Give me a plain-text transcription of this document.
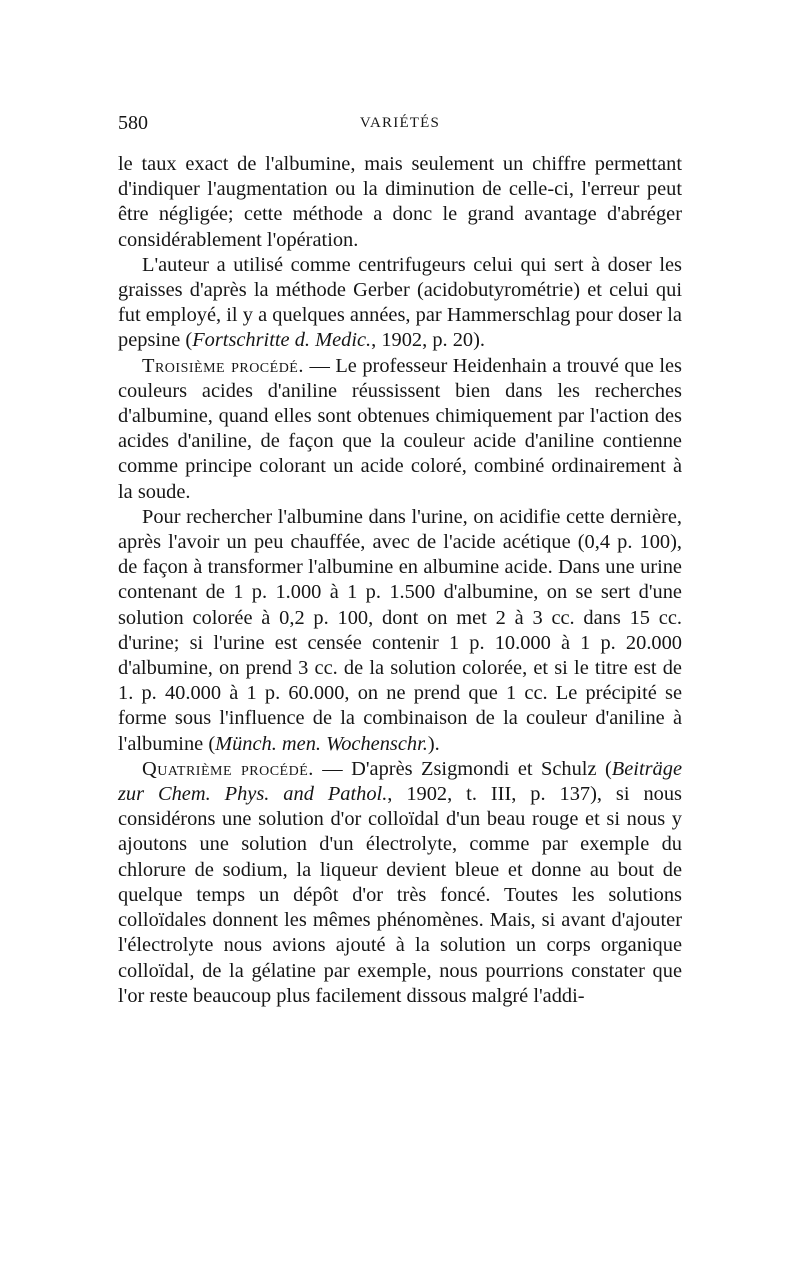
580	VARIÉTÉS

le taux exact de l'albumine, mais seulement un chiffre permettant d'indiquer l'augmentation ou la diminution de celle-ci, l'erreur peut être négligée; cette méthode a donc le grand avantage d'abréger considérablement l'opération.

L'auteur a utilisé comme centrifugeurs celui qui sert à doser les graisses d'après la méthode Gerber (acidobutyrométrie) et celui qui fut employé, il y a quelques années, par Hammerschlag pour doser la pepsine (Fortschritte d. Medic., 1902, p. 20).

Troisième procédé. — Le professeur Heidenhain a trouvé que les couleurs acides d'aniline réussissent bien dans les recherches d'albumine, quand elles sont obtenues chimiquement par l'action des acides d'aniline, de façon que la couleur acide d'aniline contienne comme principe colorant un acide coloré, combiné ordinairement à la soude.

Pour rechercher l'albumine dans l'urine, on acidifie cette dernière, après l'avoir un peu chauffée, avec de l'acide acétique (0,4 p. 100), de façon à transformer l'albumine en albumine acide. Dans une urine contenant de 1 p. 1.000 à 1 p. 1.500 d'albumine, on se sert d'une solution colorée à 0,2 p. 100, dont on met 2 à 3 cc. dans 15 cc. d'urine; si l'urine est censée contenir 1 p. 10.000 à 1 p. 20.000 d'albumine, on prend 3 cc. de la solution colorée, et si le titre est de 1. p. 40.000 à 1 p. 60.000, on ne prend que 1 cc. Le précipité se forme sous l'influence de la combinaison de la couleur d'aniline à l'albumine (Münch. men. Wochenschr.).

Quatrième procédé. — D'après Zsigmondi et Schulz (Beiträge zur Chem. Phys. and Pathol., 1902, t. III, p. 137), si nous considérons une solution d'or colloïdal d'un beau rouge et si nous y ajoutons une solution d'un électrolyte, comme par exemple du chlorure de sodium, la liqueur devient bleue et donne au bout de quelque temps un dépôt d'or très foncé. Toutes les solutions colloïdales donnent les mêmes phénomènes. Mais, si avant d'ajouter l'électrolyte nous avions ajouté à la solution un corps organique colloïdal, de la gélatine par exemple, nous pourrions constater que l'or reste beaucoup plus facilement dissous malgré l'addi-
